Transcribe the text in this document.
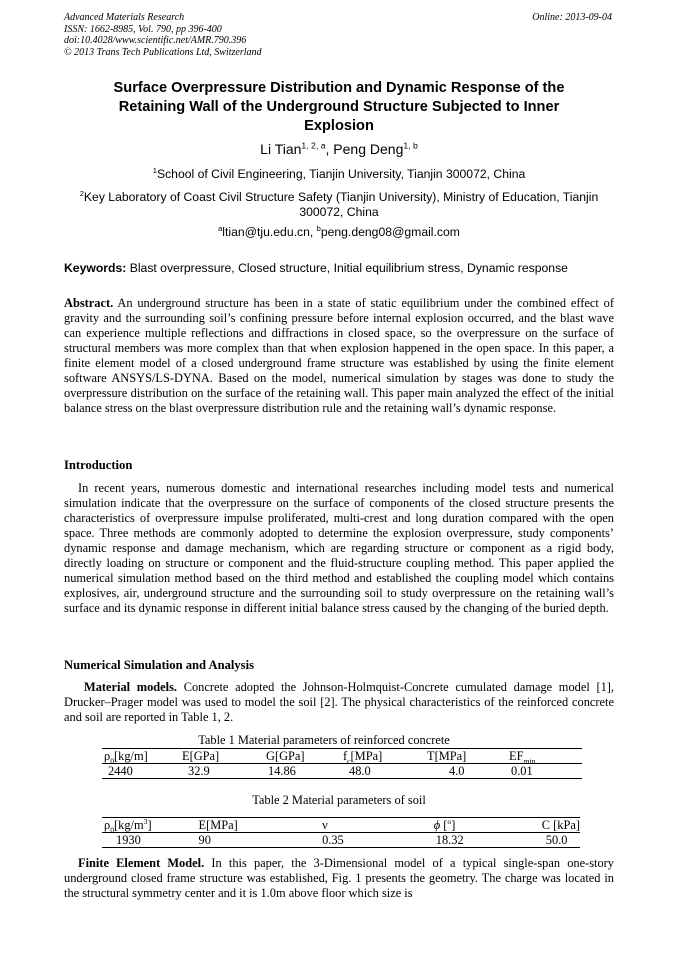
Advanced Materials Research
ISSN: 1662-8985, Vol. 790, pp 396-400
doi:10.4028/www.scientific.net/AMR.790.396
© 2013 Trans Tech Publications Ltd, Switzerland
Online: 2013-09-04
Surface Overpressure Distribution and Dynamic Response of the
Retaining Wall of the Underground Structure Subjected to Inner
Explosion
Li Tian$^{1, 2, a}$, Peng Deng$^{1, b}$
$^1$School of Civil Engineering, Tianjin University, Tianjin 300072, China
$^2$Key Laboratory of Coast Civil Structure Safety (Tianjin University), Ministry of Education, Tianjin 300072, China
$^a$ltian@tju.edu.cn, $^b$peng.deng08@gmail.com
Keywords: Blast overpressure, Closed structure, Initial equilibrium stress, Dynamic response
Abstract. An underground structure has been in a state of static equilibrium under the combined effect of gravity and the surrounding soil’s confining pressure before internal explosion occurred, and the blast wave can experience multiple reflections and diffractions in closed space, so the overpressure on the surface of structural members was more complex than that when explosion happened in the open space. In this paper, a finite element model of a closed underground frame structure was established by using the finite element software ANSYS/LS-DYNA. Based on the model, numerical simulation by stages was done to study the overpressure distribution on the surface of the retaining wall. This paper main analyzed the effect of the initial balance stress on the blast overpressure distribution rule and the retaining wall’s dynamic response.
Introduction
In recent years, numerous domestic and international researches including model tests and numerical simulation indicate that the overpressure on the surface of components of the closed structure presents the characteristics of overpressure impulse proliferated, multi-crest and long duration compared with the open space. Three methods are commonly adopted to determine the explosion overpressure, study components’ dynamic response and damage mechanism, which are regarding structure or component as a rigid body, directly loading on structure or component and the fluid-structure coupling method. This paper applied the numerical simulation method based on the third method and established the coupling model which contains explosives, air, underground structure and the surrounding soil to study overpressure on the retaining wall’s surface and its dynamic response in different initial balance stress caused by the changing of the buried depth.
Numerical Simulation and Analysis
Material models. Concrete adopted the Johnson-Holmquist-Concrete cumulated damage model [1], Drucker–Prager model was used to model the soil [2]. The physical characteristics of the reinforced concrete and soil are reported in Table 1, 2.
Table 1 Material parameters of reinforced concrete
$\rho_0[kg/m]$	E[GPa]	G[GPa]	$f_c[MPa]$	T[MPa]	$EF_{min}$
2440	32.9	14.86	48.0	4.0	0.01
Table 2 Material parameters of soil
$\rho_0[kg/m^3]$	E[MPa]	ν	ϕ [$^o$]	C [kPa]
1930	90	0.35	18.32	50.0
Finite Element Model. In this paper, the 3-Dimensional model of a typical single-span one-story underground closed frame structure was established, Fig. 1 presents the geometry. The charge was located in the structural symmetry center and it is 1.0m above floor which size is
